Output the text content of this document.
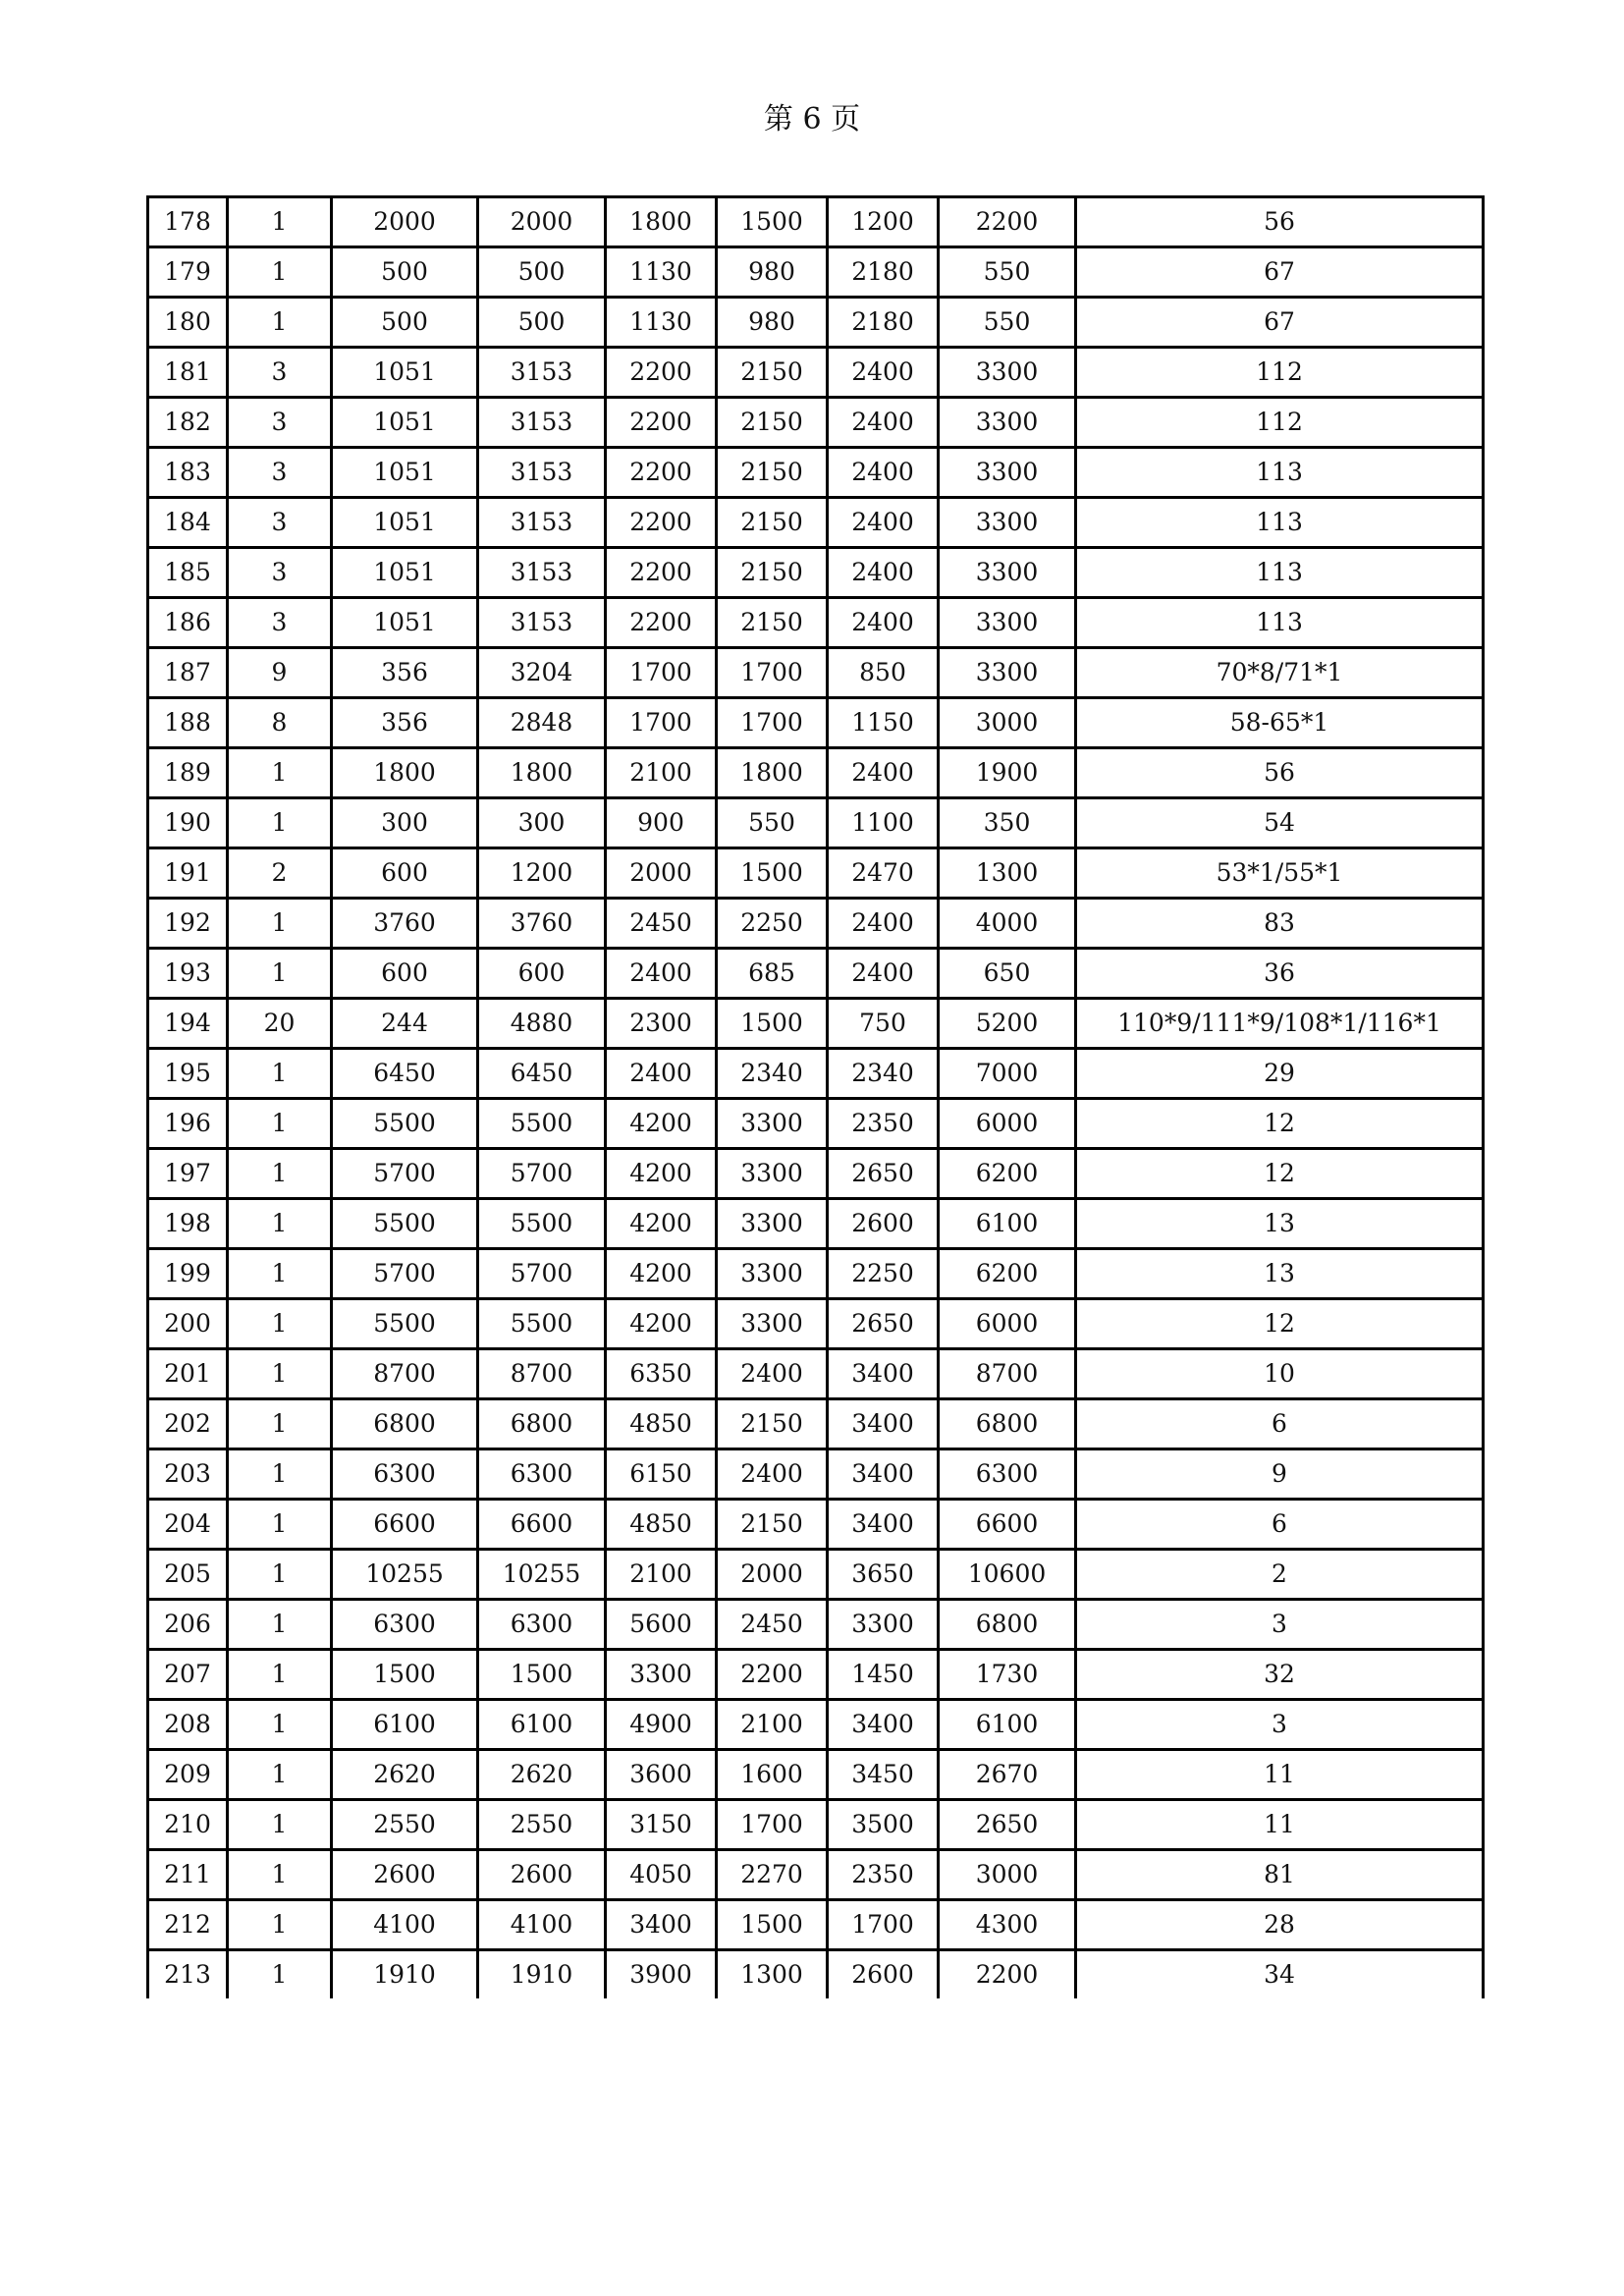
第 6 页
178	1	2000	2000	1800	1500	1200	2200	56
179	1	500	500	1130	980	2180	550	67
180	1	500	500	1130	980	2180	550	67
181	3	1051	3153	2200	2150	2400	3300	112
182	3	1051	3153	2200	2150	2400	3300	112
183	3	1051	3153	2200	2150	2400	3300	113
184	3	1051	3153	2200	2150	2400	3300	113
185	3	1051	3153	2200	2150	2400	3300	113
186	3	1051	3153	2200	2150	2400	3300	113
187	9	356	3204	1700	1700	850	3300	70*8/71*1
188	8	356	2848	1700	1700	1150	3000	58-65*1
189	1	1800	1800	2100	1800	2400	1900	56
190	1	300	300	900	550	1100	350	54
191	2	600	1200	2000	1500	2470	1300	53*1/55*1
192	1	3760	3760	2450	2250	2400	4000	83
193	1	600	600	2400	685	2400	650	36
194	20	244	4880	2300	1500	750	5200	110*9/111*9/108*1/116*1
195	1	6450	6450	2400	2340	2340	7000	29
196	1	5500	5500	4200	3300	2350	6000	12
197	1	5700	5700	4200	3300	2650	6200	12
198	1	5500	5500	4200	3300	2600	6100	13
199	1	5700	5700	4200	3300	2250	6200	13
200	1	5500	5500	4200	3300	2650	6000	12
201	1	8700	8700	6350	2400	3400	8700	10
202	1	6800	6800	4850	2150	3400	6800	6
203	1	6300	6300	6150	2400	3400	6300	9
204	1	6600	6600	4850	2150	3400	6600	6
205	1	10255	10255	2100	2000	3650	10600	2
206	1	6300	6300	5600	2450	3300	6800	3
207	1	1500	1500	3300	2200	1450	1730	32
208	1	6100	6100	4900	2100	3400	6100	3
209	1	2620	2620	3600	1600	3450	2670	11
210	1	2550	2550	3150	1700	3500	2650	11
211	1	2600	2600	4050	2270	2350	3000	81
212	1	4100	4100	3400	1500	1700	4300	28
213	1	1910	1910	3900	1300	2600	2200	34
